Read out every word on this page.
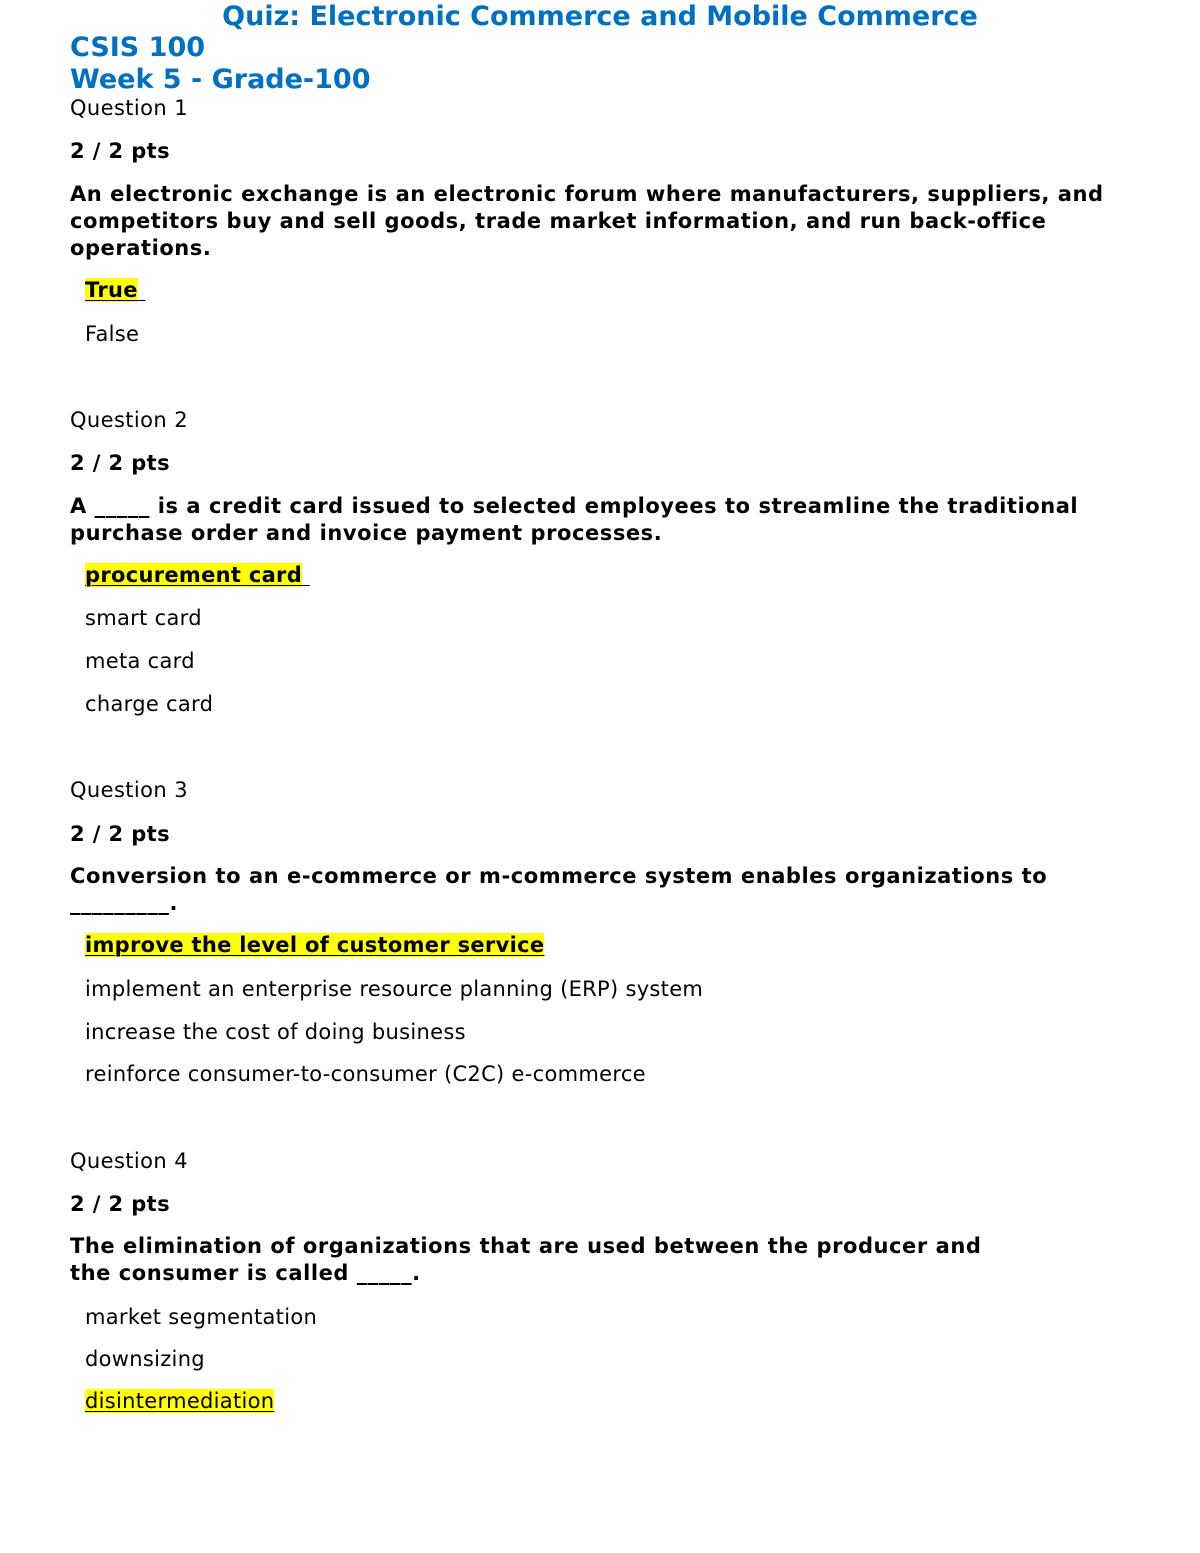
Quiz: Electronic Commerce and Mobile Commerce
CSIS 100
Week 5 - Grade-100
Question 1
2 / 2 pts
An electronic exchange is an electronic forum where manufacturers, suppliers, and competitors buy and sell goods, trade market information, and run back-office operations.
True
False
Question 2
2 / 2 pts
A _____ is a credit card issued to selected employees to streamline the traditional purchase order and invoice payment processes.
procurement card
smart card
meta card
charge card
Question 3
2 / 2 pts
Conversion to an e-commerce or m-commerce system enables organizations to _________.
improve the level of customer service
implement an enterprise resource planning (ERP) system
increase the cost of doing business
reinforce consumer-to-consumer (C2C) e-commerce
Question 4
2 / 2 pts
The elimination of organizations that are used between the producer and the consumer is called _____.
market segmentation
downsizing
disintermediation
